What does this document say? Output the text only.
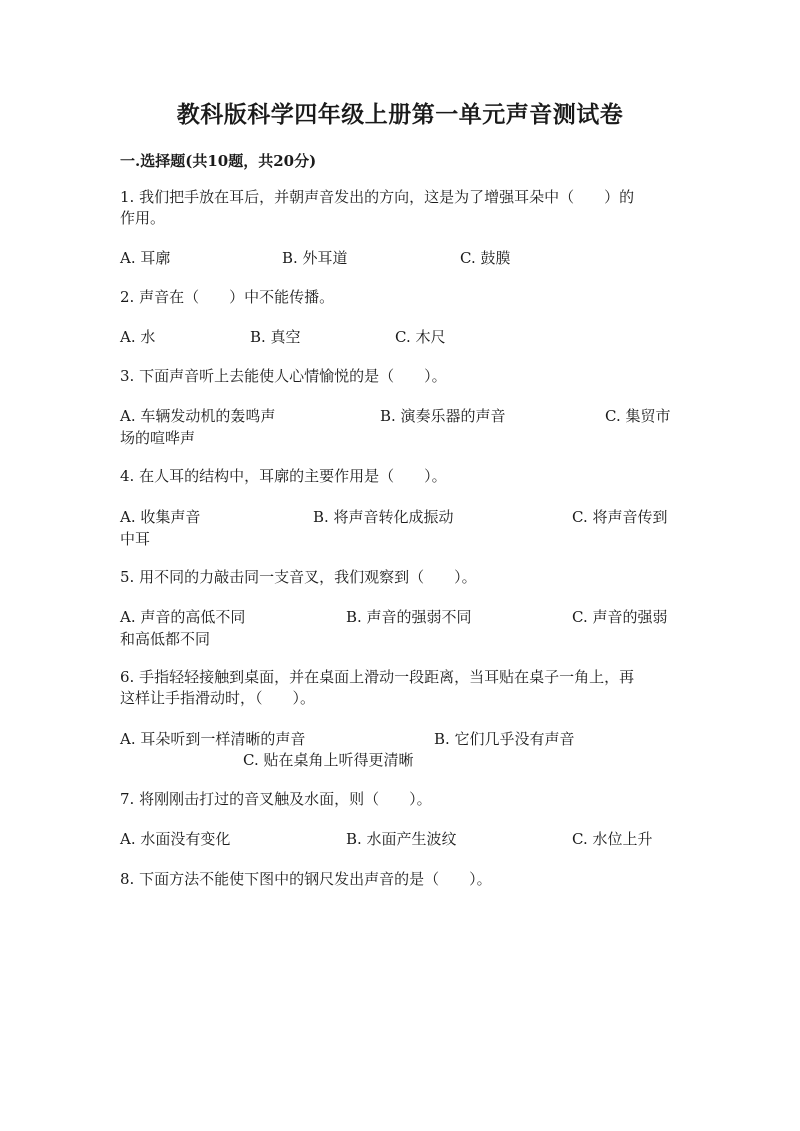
教科版科学四年级上册第一单元声音测试卷
一.选择题(共10题，共20分)
1. 我们把手放在耳后，并朝声音发出的方向，这是为了增强耳朵中（　　）的
作用。
A. 耳廓	B. 外耳道	C. 鼓膜
2. 声音在（　　）中不能传播。
A. 水	B. 真空	C. 木尺
3. 下面声音听上去能使人心情愉悦的是（　　）。
A. 车辆发动机的轰鸣声	B. 演奏乐器的声音	C. 集贸市
场的喧哗声
4. 在人耳的结构中，耳廓的主要作用是（　　）。
A. 收集声音	B. 将声音转化成振动	C. 将声音传到
中耳
5. 用不同的力敲击同一支音叉，我们观察到（　　）。
A. 声音的高低不同	B. 声音的强弱不同	C. 声音的强弱
和高低都不同
6. 手指轻轻接触到桌面，并在桌面上滑动一段距离，当耳贴在桌子一角上，再
这样让手指滑动时，（　　）。
A. 耳朵听到一样清晰的声音	B. 它们几乎没有声音
C. 贴在桌角上听得更清晰
7. 将刚刚击打过的音叉触及水面，则（　　）。
A. 水面没有变化	B. 水面产生波纹	C. 水位上升
8. 下面方法不能使下图中的钢尺发出声音的是（　　）。
